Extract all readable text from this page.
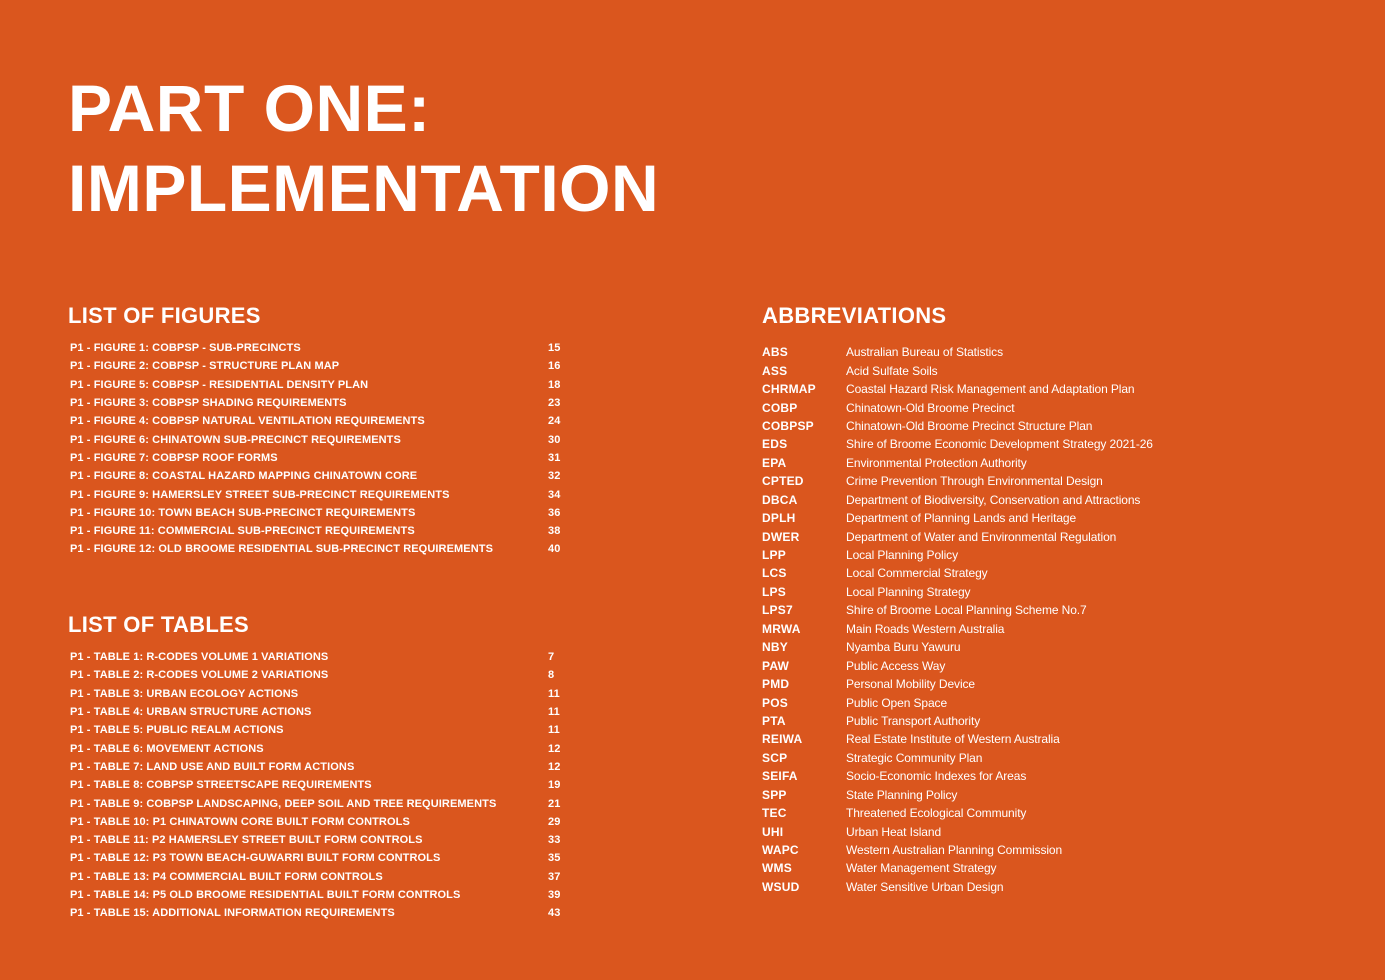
PART ONE:
IMPLEMENTATION
LIST OF FIGURES
P1 - FIGURE 1: COBPSP - SUB-PRECINCTS	15
P1 - FIGURE 2: COBPSP - STRUCTURE PLAN MAP	16
P1 - FIGURE 5: COBPSP - RESIDENTIAL DENSITY PLAN	18
P1 - FIGURE 3: COBPSP SHADING REQUIREMENTS	23
P1 - FIGURE 4: COBPSP NATURAL VENTILATION REQUIREMENTS	24
P1 - FIGURE 6: CHINATOWN SUB-PRECINCT REQUIREMENTS	30
P1 - FIGURE 7: COBPSP ROOF FORMS	31
P1 - FIGURE 8: COASTAL HAZARD MAPPING CHINATOWN CORE	32
P1 - FIGURE 9: HAMERSLEY STREET SUB-PRECINCT REQUIREMENTS	34
P1 - FIGURE 10: TOWN BEACH SUB-PRECINCT REQUIREMENTS	36
P1 - FIGURE 11: COMMERCIAL SUB-PRECINCT REQUIREMENTS	38
P1 - FIGURE 12: OLD BROOME RESIDENTIAL SUB-PRECINCT REQUIREMENTS	40
LIST OF TABLES
P1 - TABLE 1: R-CODES VOLUME 1 VARIATIONS	7
P1 - TABLE 2: R-CODES VOLUME 2 VARIATIONS	8
P1 - TABLE 3: URBAN ECOLOGY ACTIONS	11
P1 - TABLE 4: URBAN STRUCTURE ACTIONS	11
P1 - TABLE 5: PUBLIC REALM ACTIONS	11
P1 - TABLE 6: MOVEMENT ACTIONS	12
P1 - TABLE 7: LAND USE AND BUILT FORM ACTIONS	12
P1 - TABLE 8: COBPSP STREETSCAPE REQUIREMENTS	19
P1 - TABLE 9: COBPSP LANDSCAPING, DEEP SOIL AND TREE REQUIREMENTS	21
P1 - TABLE 10: P1 CHINATOWN CORE BUILT FORM CONTROLS	29
P1 - TABLE 11: P2 HAMERSLEY STREET BUILT FORM CONTROLS	33
P1 - TABLE 12: P3 TOWN BEACH-GUWARRI BUILT FORM CONTROLS	35
P1 - TABLE 13: P4 COMMERCIAL BUILT FORM CONTROLS	37
P1 - TABLE 14: P5 OLD BROOME RESIDENTIAL BUILT FORM CONTROLS	39
P1 - TABLE 15: ADDITIONAL INFORMATION REQUIREMENTS	43
ABBREVIATIONS
ABS	Australian Bureau of Statistics
ASS	Acid Sulfate Soils
CHRMAP	Coastal Hazard Risk Management and Adaptation Plan
COBP	Chinatown-Old Broome Precinct
COBPSP	Chinatown-Old Broome Precinct Structure Plan
EDS	Shire of Broome Economic Development Strategy 2021-26
EPA	Environmental Protection Authority
CPTED	Crime Prevention Through Environmental Design
DBCA	Department of Biodiversity, Conservation and Attractions
DPLH	Department of Planning Lands and Heritage
DWER	Department of Water and Environmental Regulation
LPP	Local Planning Policy
LCS	Local Commercial Strategy
LPS	Local Planning Strategy
LPS7	Shire of Broome Local Planning Scheme No.7
MRWA	Main Roads Western Australia
NBY	Nyamba Buru Yawuru
PAW	Public Access Way
PMD	Personal Mobility Device
POS	Public Open Space
PTA	Public Transport Authority
REIWA	Real Estate Institute of Western Australia
SCP	Strategic Community Plan
SEIFA	Socio-Economic Indexes for Areas
SPP	State Planning Policy
TEC	Threatened Ecological Community
UHI	Urban Heat Island
WAPC	Western Australian Planning Commission
WMS	Water Management Strategy
WSUD	Water Sensitive Urban Design
